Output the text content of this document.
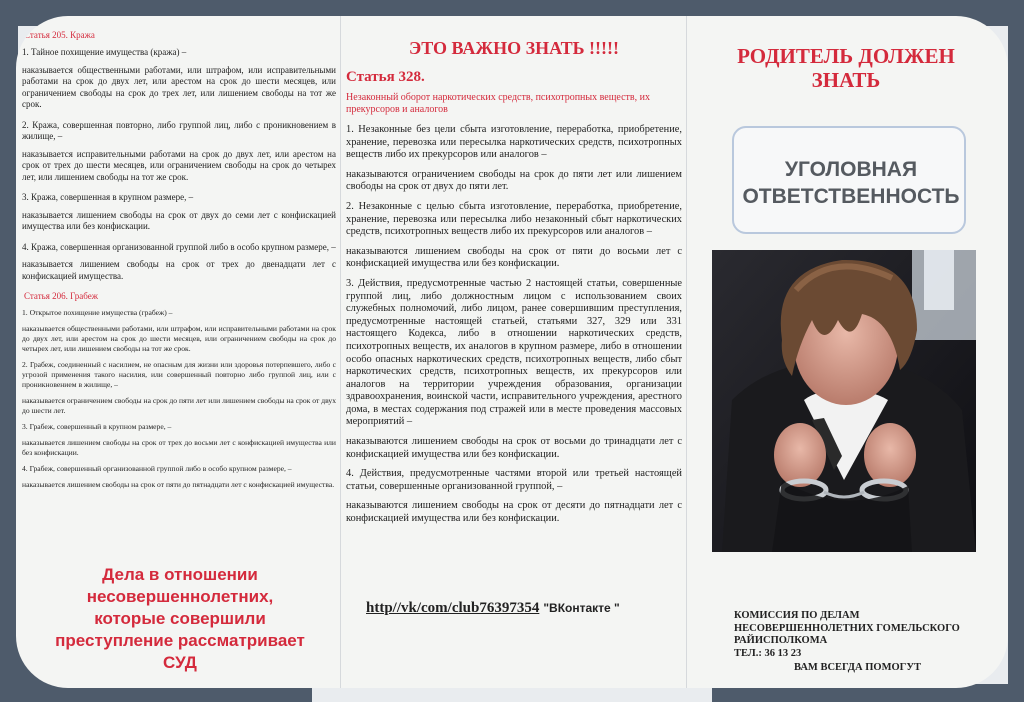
Статья 205. Кража

1. Тайное похищение имущества (кража) –

наказывается общественными работами, или штрафом, или исправительными работами на срок до двух лет, или арестом на срок до шести месяцев, или ограничением свободы на срок до трех лет, или лишением свободы на тот же срок.

2. Кража, совершенная повторно, либо группой лиц, либо с проникновением в жилище, –

наказывается исправительными работами на срок до двух лет, или арестом на срок от трех до шести месяцев, или ограничением свободы на срок до четырех лет, или лишением свободы на тот же срок.

3. Кража, совершенная в крупном размере, –

наказывается лишением свободы на срок от двух до семи лет с конфискацией имущества или без конфискации.

4. Кража, совершенная организованной группой либо в особо крупном размере, –

наказывается лишением свободы на срок от трех до двенадцати лет с конфискацией имущества.

Статья 206. Грабеж

1. Открытое похищение имущества (грабеж) –

наказывается общественными работами, или штрафом, или исправительными работами на срок до двух лет, или арестом на срок до шести месяцев, или ограничением свободы на срок до четырех лет, или лишением свободы на тот же срок.

2. Грабеж, соединенный с насилием, не опасным для жизни или здоровья потерпевшего, либо с угрозой применения такого насилия, или совершенный повторно либо группой лиц, или с проникновением в жилище, –

наказывается ограничением свободы на срок до пяти лет или лишением свободы на срок от двух до шести лет.

3. Грабеж, совершенный в крупном размере, –

наказывается лишением свободы на срок от трех до восьми лет с конфискацией имущества или без конфискации.

4. Грабеж, совершенный организованной группой либо в особо крупном размере, –

наказывается лишением свободы на срок от пяти до пятнадцати лет с конфискацией имущества.

Дела в отношении
несовершеннолетних,
которые совершили
преступление рассматривает
СУД
ЭТО ВАЖНО ЗНАТЬ !!!!!
Статья 328.
Незаконный оборот наркотических средств, психотропных веществ, их прекурсоров и аналогов

1. Незаконные без цели сбыта изготовление, переработка, приобретение, хранение, перевозка или пересылка наркотических средств, психотропных веществ либо их прекурсоров или аналогов –

наказываются ограничением свободы на срок до пяти лет или лишением свободы на срок от двух до пяти лет.

2. Незаконные с целью сбыта изготовление, переработка, приобретение, хранение, перевозка или пересылка либо незаконный сбыт наркотических средств, психотропных веществ либо их прекурсоров или аналогов –

наказываются лишением свободы на срок от пяти до восьми лет с конфискацией имущества или без конфискации.

3. Действия, предусмотренные частью 2 настоящей статьи, совершенные группой лиц, либо должностным лицом с использованием своих служебных полномочий, либо лицом, ранее совершившим преступления, предусмотренные настоящей статьей, статьями 327, 329 или 331 настоящего Кодекса, либо в отношении наркотических средств, психотропных веществ, их аналогов в крупном размере, либо в отношении особо опасных наркотических средств, психотропных веществ, либо сбыт наркотических средств, психотропных веществ, их прекурсоров или аналогов на территории учреждения образования, организации здравоохранения, воинской части, исправительного учреждения, арестного дома, в местах содержания под стражей или в месте проведения массовых мероприятий –

наказываются лишением свободы на срок от восьми до тринадцати лет с конфискацией имущества или без конфискации.

4. Действия, предусмотренные частями второй или третьей настоящей статьи, совершенные организованной группой, –

наказываются лишением свободы на срок от десяти до пятнадцати лет с конфискацией имущества или без конфискации.

http//vk/com/club76397354 "ВКонтакте "
РОДИТЕЛЬ ДОЛЖЕН
ЗНАТЬ
УГОЛОВНАЯ
ОТВЕТСТВЕННОСТЬ
КОМИССИЯ ПО ДЕЛАМ
НЕСОВЕРШЕННОЛЕТНИХ ГОМЕЛЬСКОГО
РАЙИСПОЛКОМА
ТЕЛ.: 36 13 23
ВАМ ВСЕГДА ПОМОГУТ
